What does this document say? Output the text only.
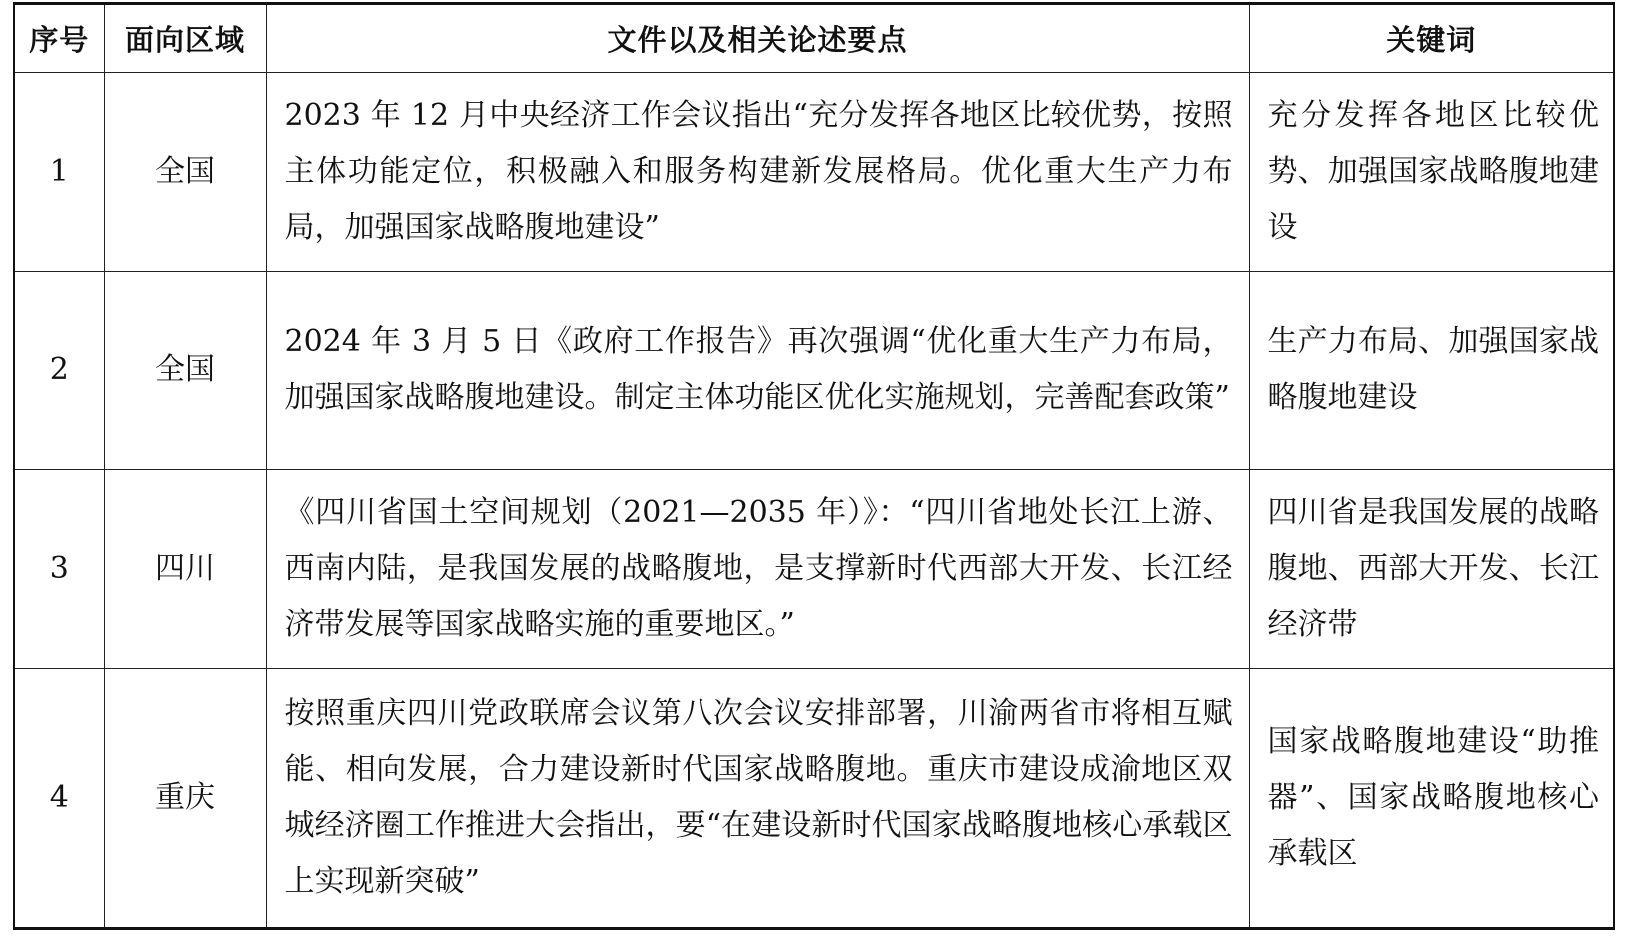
序号	面向区域	文件以及相关论述要点	关键词
1	全国	2023 年 12 月中央经济工作会议指出“充分发挥各地区比较优势，按照主体功能定位，积极融入和服务构建新发展格局。优化重大生产力布局，加强国家战略腹地建设”	充分发挥各地区比较优势、加强国家战略腹地建设
2	全国	2024 年 3 月 5 日《政府工作报告》再次强调“优化重大生产力布局，加强国家战略腹地建设。制定主体功能区优化实施规划，完善配套政策”	生产力布局、加强国家战略腹地建设
3	四川	《四川省国土空间规划（2021—2035 年）》：“四川省地处长江上游、西南内陆，是我国发展的战略腹地，是支撑新时代西部大开发、长江经济带发展等国家战略实施的重要地区。”	四川省是我国发展的战略腹地、西部大开发、长江经济带
4	重庆	按照重庆四川党政联席会议第八次会议安排部署，川渝两省市将相互赋能、相向发展，合力建设新时代国家战略腹地。重庆市建设成渝地区双城经济圈工作推进大会指出，要“在建设新时代国家战略腹地核心承载区上实现新突破”	国家战略腹地建设“助推器”、国家战略腹地核心承载区
